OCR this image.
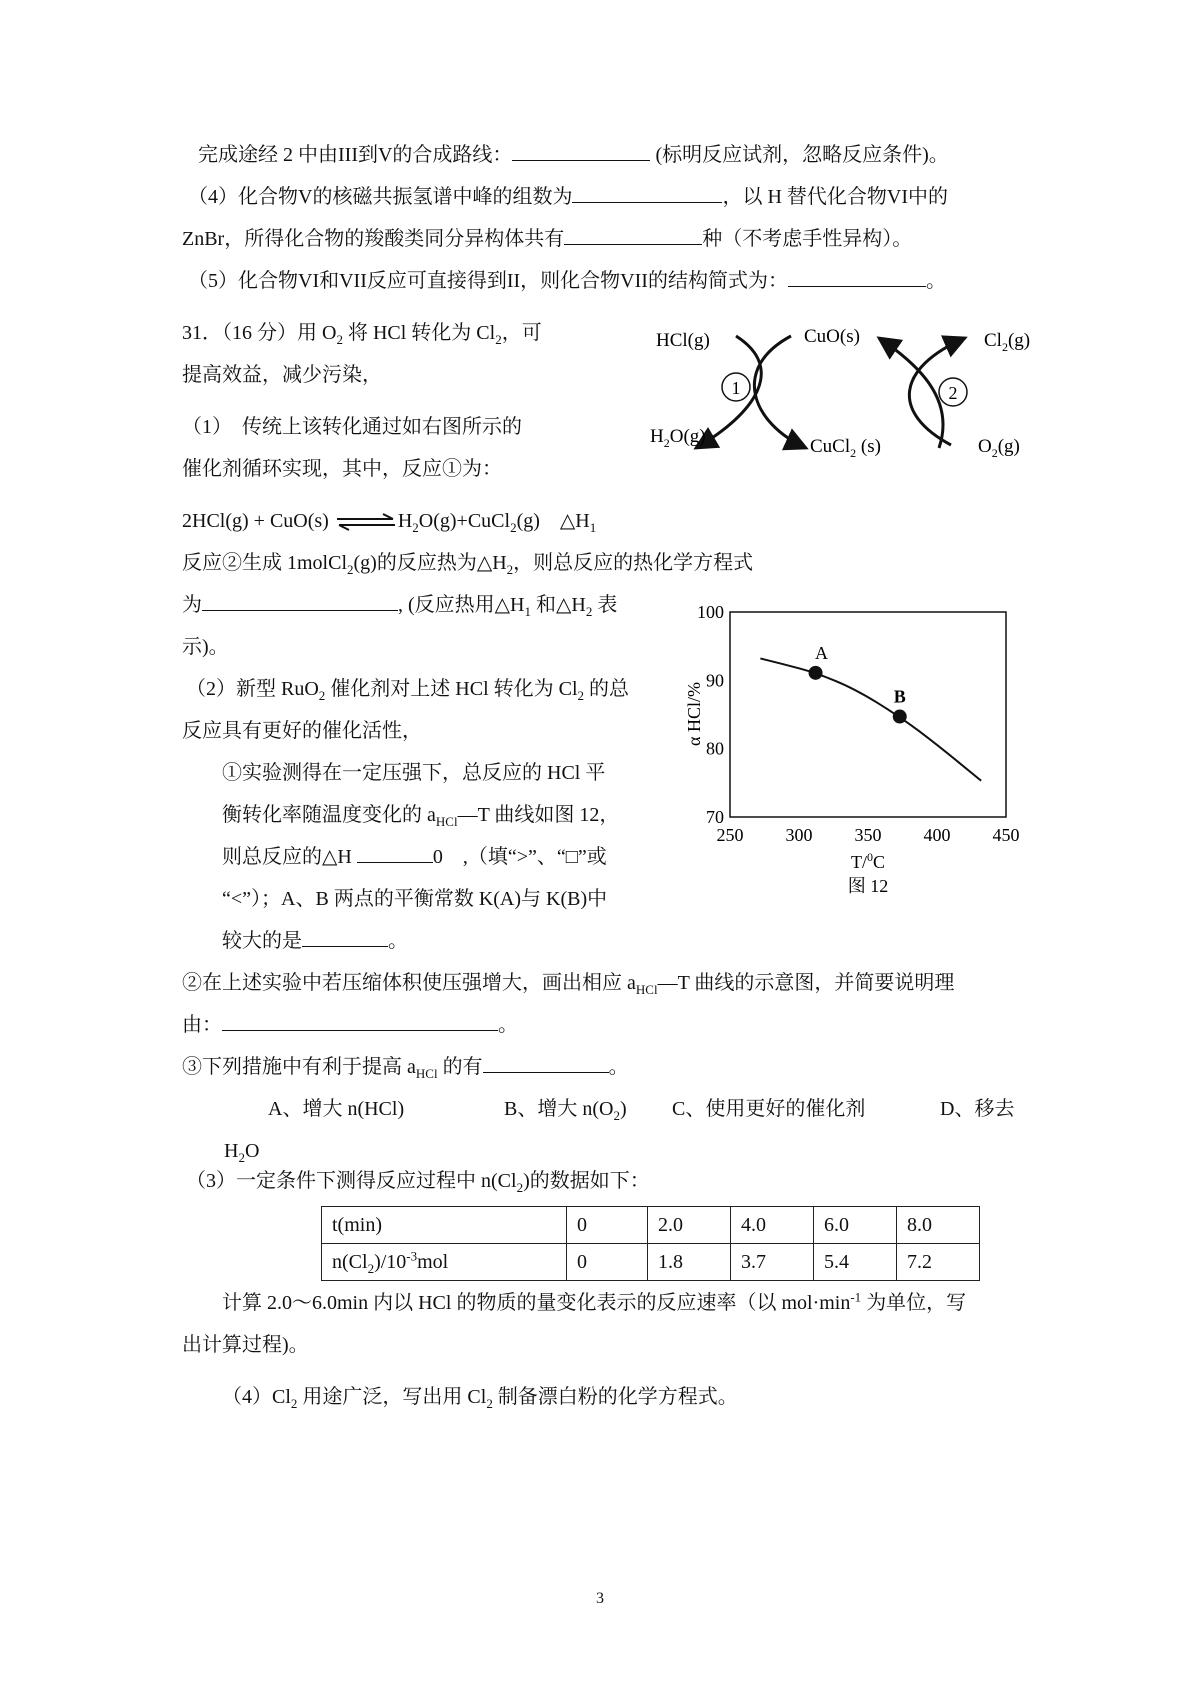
完成途经 2 中由III到V的合成路线：	(标明反应试剂，忽略反应条件)。
（4）化合物V的核磁共振氢谱中峰的组数为	，以 H 替代化合物VI中的
ZnBr，所得化合物的羧酸类同分异构体共有	种（不考虑手性异构）。
（5）化合物VI和VII反应可直接得到II，则化合物VII的结构简式为：	。
31．（16 分）用 $O_2$ 将 HCl 转化为 $Cl_2$，可
提高效益，减少污染，
（1）　传统上该转化通过如右图所示的
催化剂循环实现，其中，反应①为：
2HCl(g) + CuO(s) $\rightleftharpoons H_2O(g)+CuCl_2(g)$　$\triangle H_1$
反应②生成 1molCl$_2$(g)的反应热为$\triangle H_2$，则总反应的热化学方程式
为	, (反应热用$\triangle H_1$ 和$\triangle H_2$ 表
示)。
（2）新型 RuO$_2$ 催化剂对上述 HCl 转化为 $Cl_2$ 的总
反应具有更好的催化活性，
①实验测得在一定压强下，总反应的 HCl 平
衡转化率随温度变化的 $a_{HCl}—T$ 曲线如图 12，
则总反应的△H	0　,（填“>”、“□”或
“<”）；A、B 两点的平衡常数 K(A)与 K(B)中
较大的是	。
②在上述实验中若压缩体积使压强增大，画出相应 $a_{HCl}—T$ 曲线的示意图，并简要说明理
由：	。
③下列措施中有利于提高 $a_{HCl}$ 的有	。
A、增大 n(HCl)	B、增大 $n(O_2)$ C、使用更好的催化剂	D、移去
$H_2O$
（3）一定条件下测得反应过程中 $n(Cl_2)$的数据如下：
t(min)	0	2.0	4.0	6.0	8.0
$n(Cl_2)/10^{-3}mol$	0	1.8	3.7	5.4	7.2
计算 2.0～6.0min 内以 HCl 的物质的量变化表示的反应速率（以 $mol\cdot\min^{-1}$ 为单位，写
出计算过程)。
$(4)Cl_2$ 用途广泛，写出用 $Cl_2$ 制备漂白粉的化学方程式。
1	2
HCl(g)	CuO(s)	$Cl_2(g)$
$H_2O(g)$	CuCl$_2$ (s)	$O_2(g)$
250 300 350 400 450
70
80
90
100
A
B
α HCl/%
T/$^0$C
图 12
3
